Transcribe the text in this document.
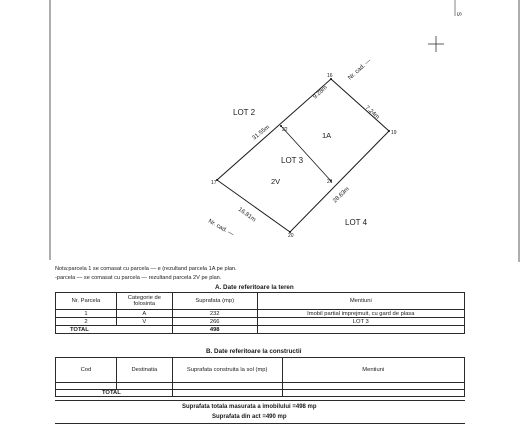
S
16
19
22
17	21
20
LOT 2
LOT 3
LOT 4
1A
2V
9.28m
7.24m
31.55m
28.63m
16.81m
Nr. cad. —
Nr. cad. —
Nota:parcela 1 se comasat cu parcela — e (rezultand parcela 1A pe plan.
-parcela — se comasat cu parcela — rezultand parcela 2V pe plan.
A. Date referitoare la teren
Nr. Parcela	Categorie de folosinta	Suprafata (mp)	Mentiuni
1	A	232	Imobil partial imprejmuit, cu gard de plasa
2	V	266	LOT 3
TOTAL		498	
B. Date referitoare la constructii
Cod	Destinatia	Suprafata construita la sol (mp)	Mentiuni

TOTAL			
Suprafata totala masurata a imobilului =498 mp
Suprafata din act =490 mp
